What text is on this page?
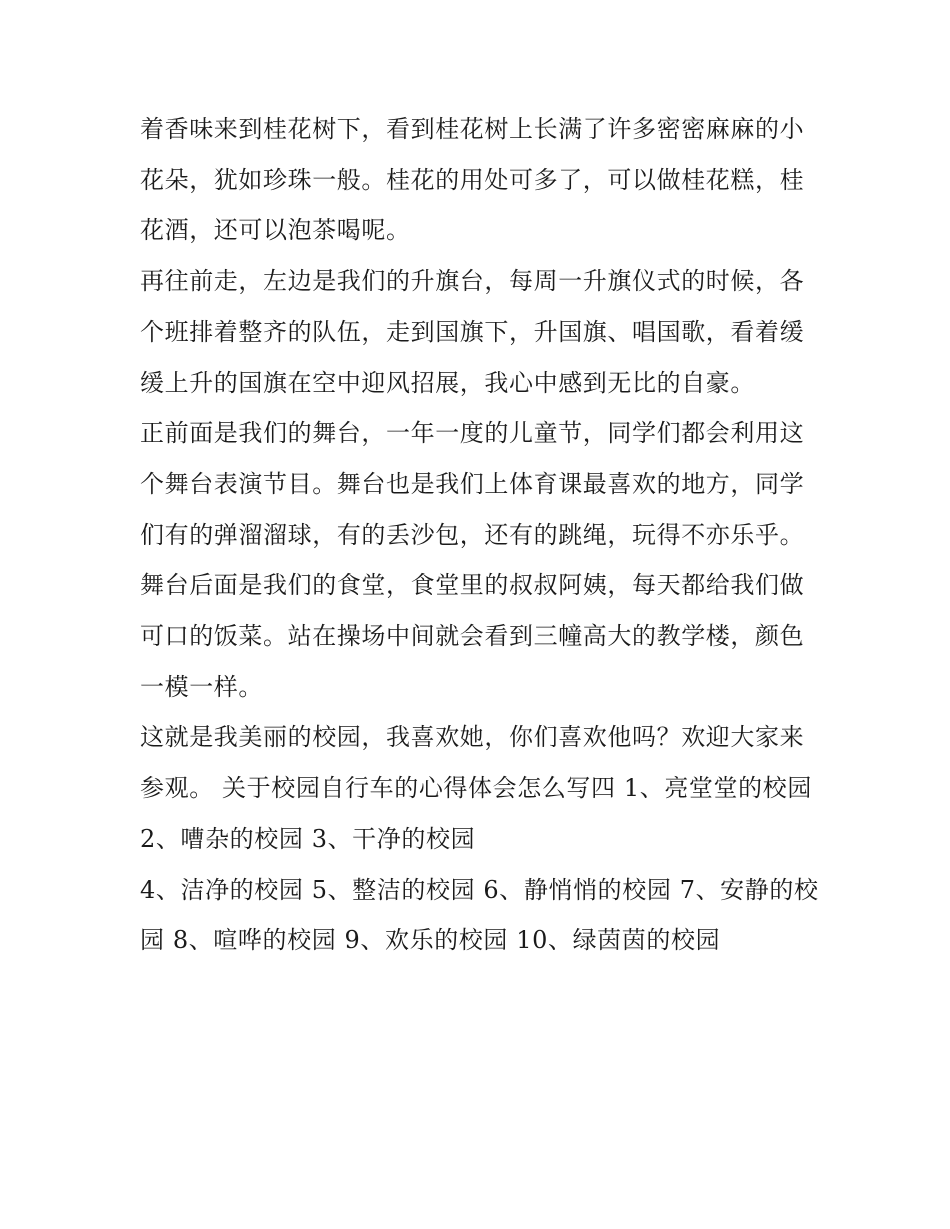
着香味来到桂花树下，看到桂花树上长满了许多密密麻麻的小花朵，犹如珍珠一般。桂花的用处可多了，可以做桂花糕，桂花酒，还可以泡茶喝呢。

再往前走，左边是我们的升旗台，每周一升旗仪式的时候，各个班排着整齐的队伍，走到国旗下，升国旗、唱国歌，看着缓缓上升的国旗在空中迎风招展，我心中感到无比的自豪。

正前面是我们的舞台，一年一度的儿童节，同学们都会利用这个舞台表演节目。舞台也是我们上体育课最喜欢的地方，同学们有的弹溜溜球，有的丢沙包，还有的跳绳，玩得不亦乐乎。

舞台后面是我们的食堂，食堂里的叔叔阿姨，每天都给我们做可口的饭菜。站在操场中间就会看到三幢高大的教学楼，颜色一模一样。

这就是我美丽的校园，我喜欢她，你们喜欢他吗？欢迎大家来参观。 关于校园自行车的心得体会怎么写四 1、亮堂堂的校园 2、嘈杂的校园 3、干净的校园

4、洁净的校园 5、整洁的校园 6、静悄悄的校园 7、安静的校园 8、喧哗的校园 9、欢乐的校园 10、绿茵茵的校园
